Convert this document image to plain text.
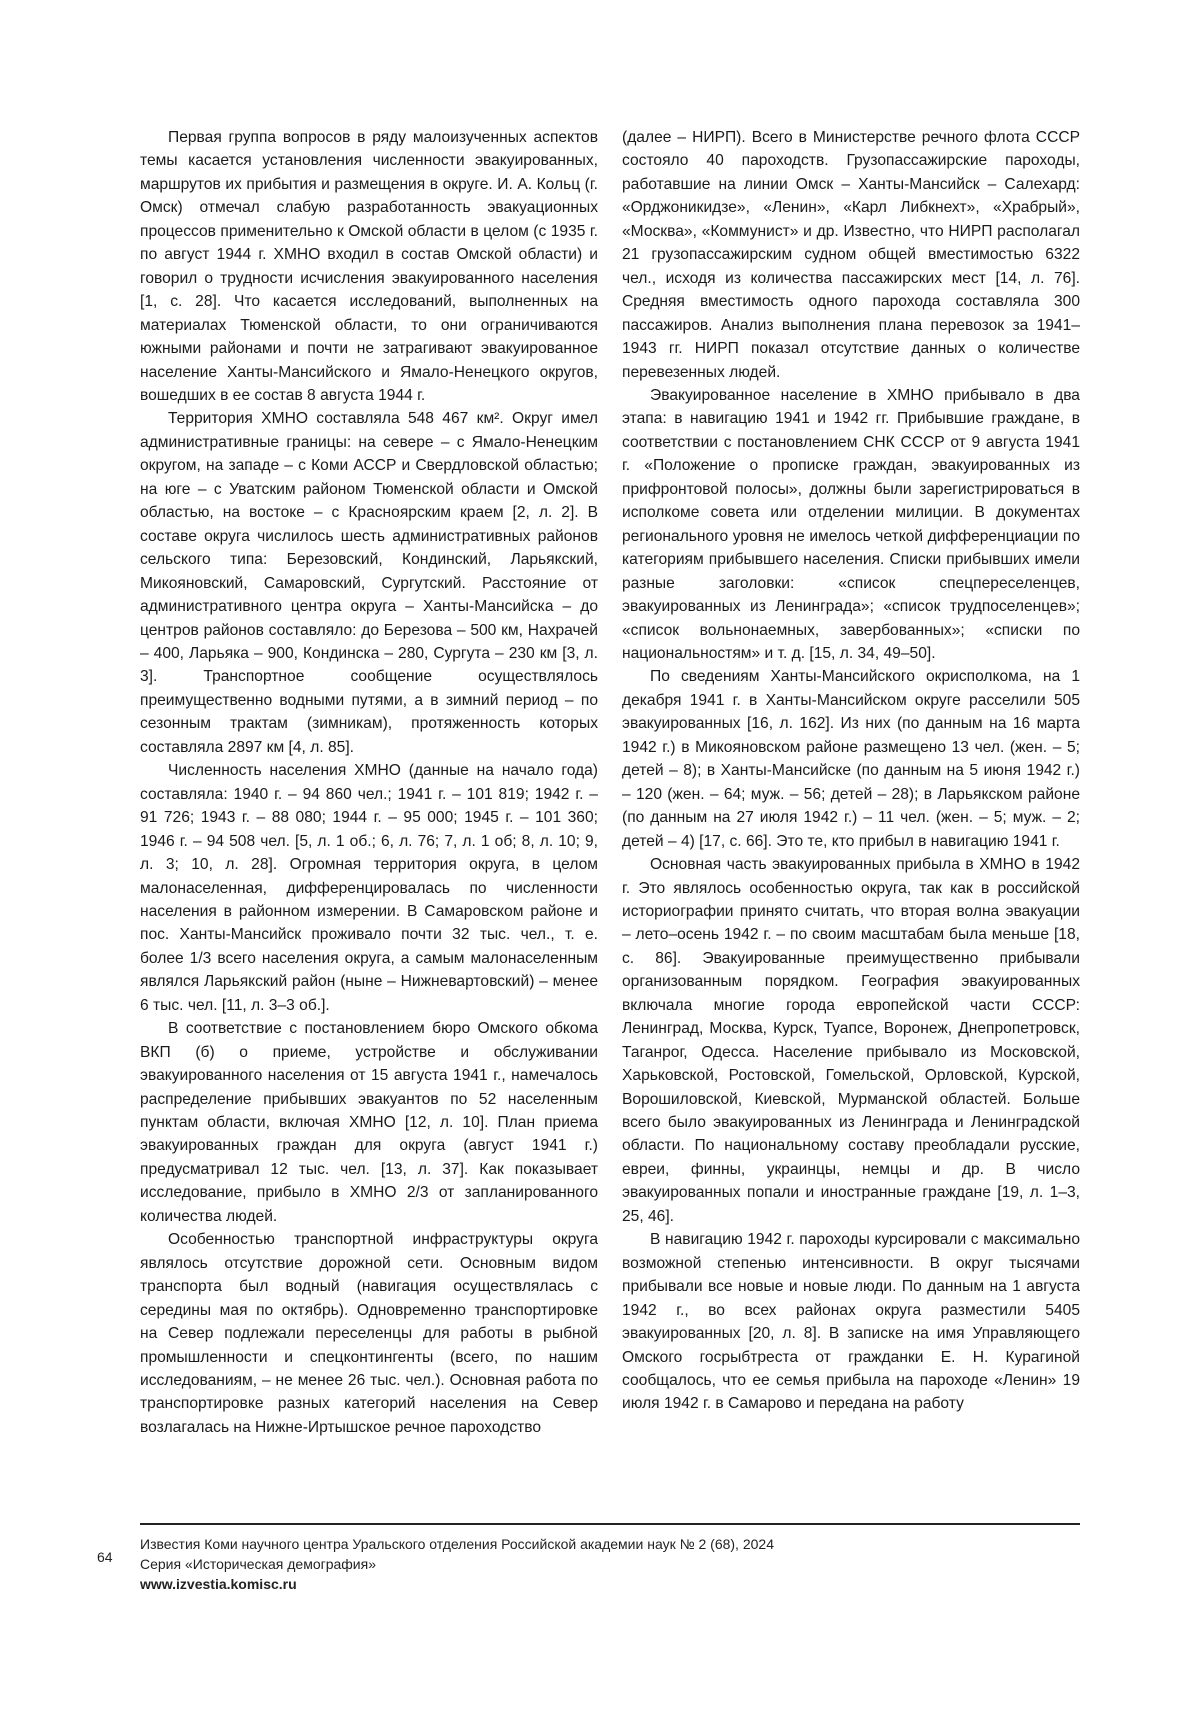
Первая группа вопросов в ряду малоизученных аспектов темы касается установления численности эвакуированных, маршрутов их прибытия и размещения в округе. И. А. Кольц (г. Омск) отмечал слабую разработанность эвакуационных процессов применительно к Омской области в целом (с 1935 г. по август 1944 г. ХМНО входил в состав Омской области) и говорил о трудности исчисления эвакуированного населения [1, с. 28]. Что касается исследований, выполненных на материалах Тюменской области, то они ограничиваются южными районами и почти не затрагивают эвакуированное население Ханты-Мансийского и Ямало-Ненецкого округов, вошедших в ее состав 8 августа 1944 г.

Территория ХМНО составляла 548 467 км². Округ имел административные границы: на севере – с Ямало-Ненецким округом, на западе – с Коми АССР и Свердловской областью; на юге – с Уватским районом Тюменской области и Омской областью, на востоке – с Красноярским краем [2, л. 2]. В составе округа числилось шесть административных районов сельского типа: Березовский, Кондинский, Ларьякский, Микояновский, Самаровский, Сургутский. Расстояние от административного центра округа – Ханты-Мансийска – до центров районов составляло: до Березова – 500 км, Нахрачей – 400, Ларьяка – 900, Кондинска – 280, Сургута – 230 км [3, л. 3]. Транспортное сообщение осуществлялось преимущественно водными путями, а в зимний период – по сезонным трактам (зимникам), протяженность которых составляла 2897 км [4, л. 85].

Численность населения ХМНО (данные на начало года) составляла: 1940 г. – 94 860 чел.; 1941 г. – 101 819; 1942 г. – 91 726; 1943 г. – 88 080; 1944 г. – 95 000; 1945 г. – 101 360; 1946 г. – 94 508 чел. [5, л. 1 об.; 6, л. 76; 7, л. 1 об; 8, л. 10; 9, л. 3; 10, л. 28]. Огромная территория округа, в целом малонаселенная, дифференцировалась по численности населения в районном измерении. В Самаровском районе и пос. Ханты-Мансийск проживало почти 32 тыс. чел., т. е. более 1/3 всего населения округа, а самым малонаселенным являлся Ларьякский район (ныне – Нижневартовский) – менее 6 тыс. чел. [11, л. 3–3 об.].

В соответствие с постановлением бюро Омского обкома ВКП (б) о приеме, устройстве и обслуживании эвакуированного населения от 15 августа 1941 г., намечалось распределение прибывших эвакуантов по 52 населенным пунктам области, включая ХМНО [12, л. 10]. План приема эвакуированных граждан для округа (август 1941 г.) предусматривал 12 тыс. чел. [13, л. 37]. Как показывает исследование, прибыло в ХМНО 2/3 от запланированного количества людей.

Особенностью транспортной инфраструктуры округа являлось отсутствие дорожной сети. Основным видом транспорта был водный (навигация осуществлялась с середины мая по октябрь). Одновременно транспортировке на Север подлежали переселенцы для работы в рыбной промышленности и спецконтингенты (всего, по нашим исследованиям, – не менее 26 тыс. чел.). Основная работа по транспортировке разных категорий населения на Север возлагалась на Нижне-Иртышское речное пароходство

(далее – НИРП). Всего в Министерстве речного флота СССР состояло 40 пароходств. Грузопассажирские пароходы, работавшие на линии Омск – Ханты-Мансийск – Салехард: «Орджоникидзе», «Ленин», «Карл Либкнехт», «Храбрый», «Москва», «Коммунист» и др. Известно, что НИРП располагал 21 грузопассажирским судном общей вместимостью 6322 чел., исходя из количества пассажирских мест [14, л. 76]. Средняя вместимость одного парохода составляла 300 пассажиров. Анализ выполнения плана перевозок за 1941–1943 гг. НИРП показал отсутствие данных о количестве перевезенных людей.

Эвакуированное население в ХМНО прибывало в два этапа: в навигацию 1941 и 1942 гг. Прибывшие граждане, в соответствии с постановлением СНК СССР от 9 августа 1941 г. «Положение о прописке граждан, эвакуированных из прифронтовой полосы», должны были зарегистрироваться в исполкоме совета или отделении милиции. В документах регионального уровня не имелось четкой дифференциации по категориям прибывшего населения. Списки прибывших имели разные заголовки: «список спецпереселенцев, эвакуированных из Ленинграда»; «список трудпоселенцев»; «список вольнонаемных, завербованных»; «списки по национальностям» и т. д. [15, л. 34, 49–50].

По сведениям Ханты-Мансийского окрисполкома, на 1 декабря 1941 г. в Ханты-Мансийском округе расселили 505 эвакуированных [16, л. 162]. Из них (по данным на 16 марта 1942 г.) в Микояновском районе размещено 13 чел. (жен. – 5; детей – 8); в Ханты-Мансийске (по данным на 5 июня 1942 г.) – 120 (жен. – 64; муж. – 56; детей – 28); в Ларьякском районе (по данным на 27 июля 1942 г.) – 11 чел. (жен. – 5; муж. – 2; детей – 4) [17, с. 66]. Это те, кто прибыл в навигацию 1941 г.

Основная часть эвакуированных прибыла в ХМНО в 1942 г. Это являлось особенностью округа, так как в российской историографии принято считать, что вторая волна эвакуации – лето–осень 1942 г. – по своим масштабам была меньше [18, с. 86]. Эвакуированные преимущественно прибывали организованным порядком. География эвакуированных включала многие города европейской части СССР: Ленинград, Москва, Курск, Туапсе, Воронеж, Днепропетровск, Таганрог, Одесса. Население прибывало из Московской, Харьковской, Ростовской, Гомельской, Орловской, Курской, Ворошиловской, Киевской, Мурманской областей. Больше всего было эвакуированных из Ленинграда и Ленинградской области. По национальному составу преобладали русские, евреи, финны, украинцы, немцы и др. В число эвакуированных попали и иностранные граждане [19, л. 1–3, 25, 46].

В навигацию 1942 г. пароходы курсировали с максимально возможной степенью интенсивности. В округ тысячами прибывали все новые и новые люди. По данным на 1 августа 1942 г., во всех районах округа разместили 5405 эвакуированных [20, л. 8]. В записке на имя Управляющего Омского госрыбтреста от гражданки Е. Н. Курагиной сообщалось, что ее семья прибыла на пароходе «Ленин» 19 июля 1942 г. в Самарово и передана на работу

64
Известия Коми научного центра Уральского отделения Российской академии наук № 2 (68), 2024
Серия «Историческая демография»
www.izvestia.komisc.ru
